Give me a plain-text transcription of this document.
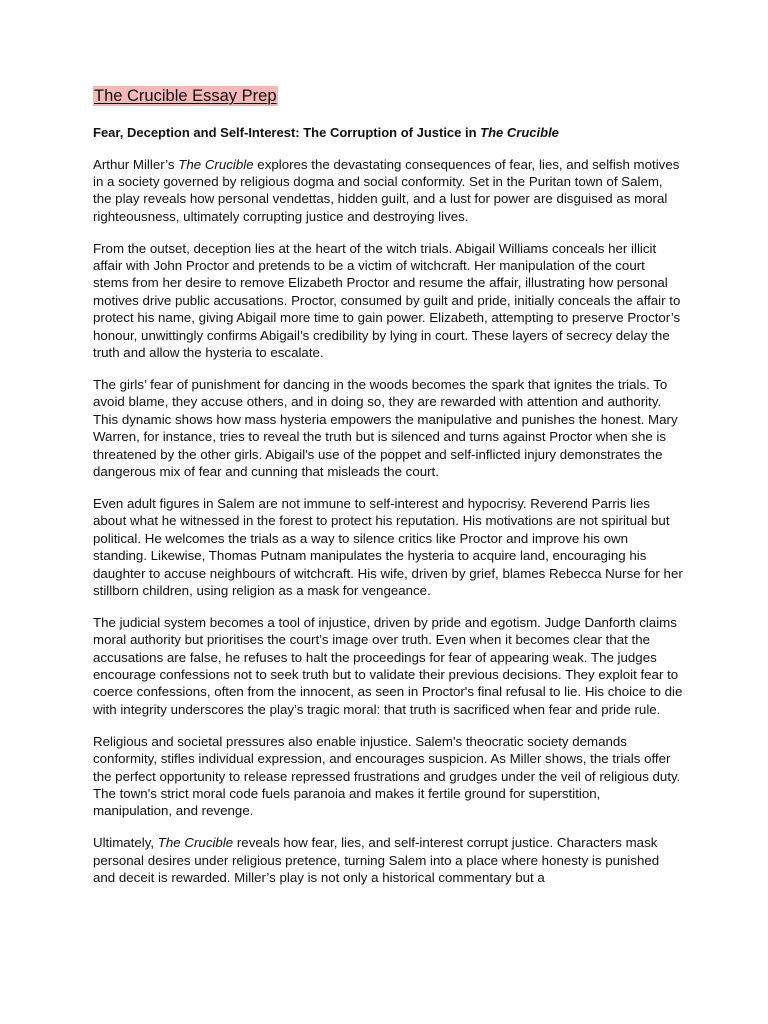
The Crucible Essay Prep

Fear, Deception and Self-Interest: The Corruption of Justice in The Crucible

Arthur Miller’s The Crucible explores the devastating consequences of fear, lies, and selfish motives in a society governed by religious dogma and social conformity. Set in the Puritan town of Salem, the play reveals how personal vendettas, hidden guilt, and a lust for power are disguised as moral righteousness, ultimately corrupting justice and destroying lives.

From the outset, deception lies at the heart of the witch trials. Abigail Williams conceals her illicit affair with John Proctor and pretends to be a victim of witchcraft. Her manipulation of the court stems from her desire to remove Elizabeth Proctor and resume the affair, illustrating how personal motives drive public accusations. Proctor, consumed by guilt and pride, initially conceals the affair to protect his name, giving Abigail more time to gain power. Elizabeth, attempting to preserve Proctor’s honour, unwittingly confirms Abigail’s credibility by lying in court. These layers of secrecy delay the truth and allow the hysteria to escalate.

The girls’ fear of punishment for dancing in the woods becomes the spark that ignites the trials. To avoid blame, they accuse others, and in doing so, they are rewarded with attention and authority. This dynamic shows how mass hysteria empowers the manipulative and punishes the honest. Mary Warren, for instance, tries to reveal the truth but is silenced and turns against Proctor when she is threatened by the other girls. Abigail's use of the poppet and self-inflicted injury demonstrates the dangerous mix of fear and cunning that misleads the court.

Even adult figures in Salem are not immune to self-interest and hypocrisy. Reverend Parris lies about what he witnessed in the forest to protect his reputation. His motivations are not spiritual but political. He welcomes the trials as a way to silence critics like Proctor and improve his own standing. Likewise, Thomas Putnam manipulates the hysteria to acquire land, encouraging his daughter to accuse neighbours of witchcraft. His wife, driven by grief, blames Rebecca Nurse for her stillborn children, using religion as a mask for vengeance.

The judicial system becomes a tool of injustice, driven by pride and egotism. Judge Danforth claims moral authority but prioritises the court’s image over truth. Even when it becomes clear that the accusations are false, he refuses to halt the proceedings for fear of appearing weak. The judges encourage confessions not to seek truth but to validate their previous decisions. They exploit fear to coerce confessions, often from the innocent, as seen in Proctor's final refusal to lie. His choice to die with integrity underscores the play’s tragic moral: that truth is sacrificed when fear and pride rule.

Religious and societal pressures also enable injustice. Salem's theocratic society demands conformity, stifles individual expression, and encourages suspicion. As Miller shows, the trials offer the perfect opportunity to release repressed frustrations and grudges under the veil of religious duty. The town's strict moral code fuels paranoia and makes it fertile ground for superstition, manipulation, and revenge.

Ultimately, The Crucible reveals how fear, lies, and self-interest corrupt justice. Characters mask personal desires under religious pretence, turning Salem into a place where honesty is punished and deceit is rewarded. Miller’s play is not only a historical commentary but a
